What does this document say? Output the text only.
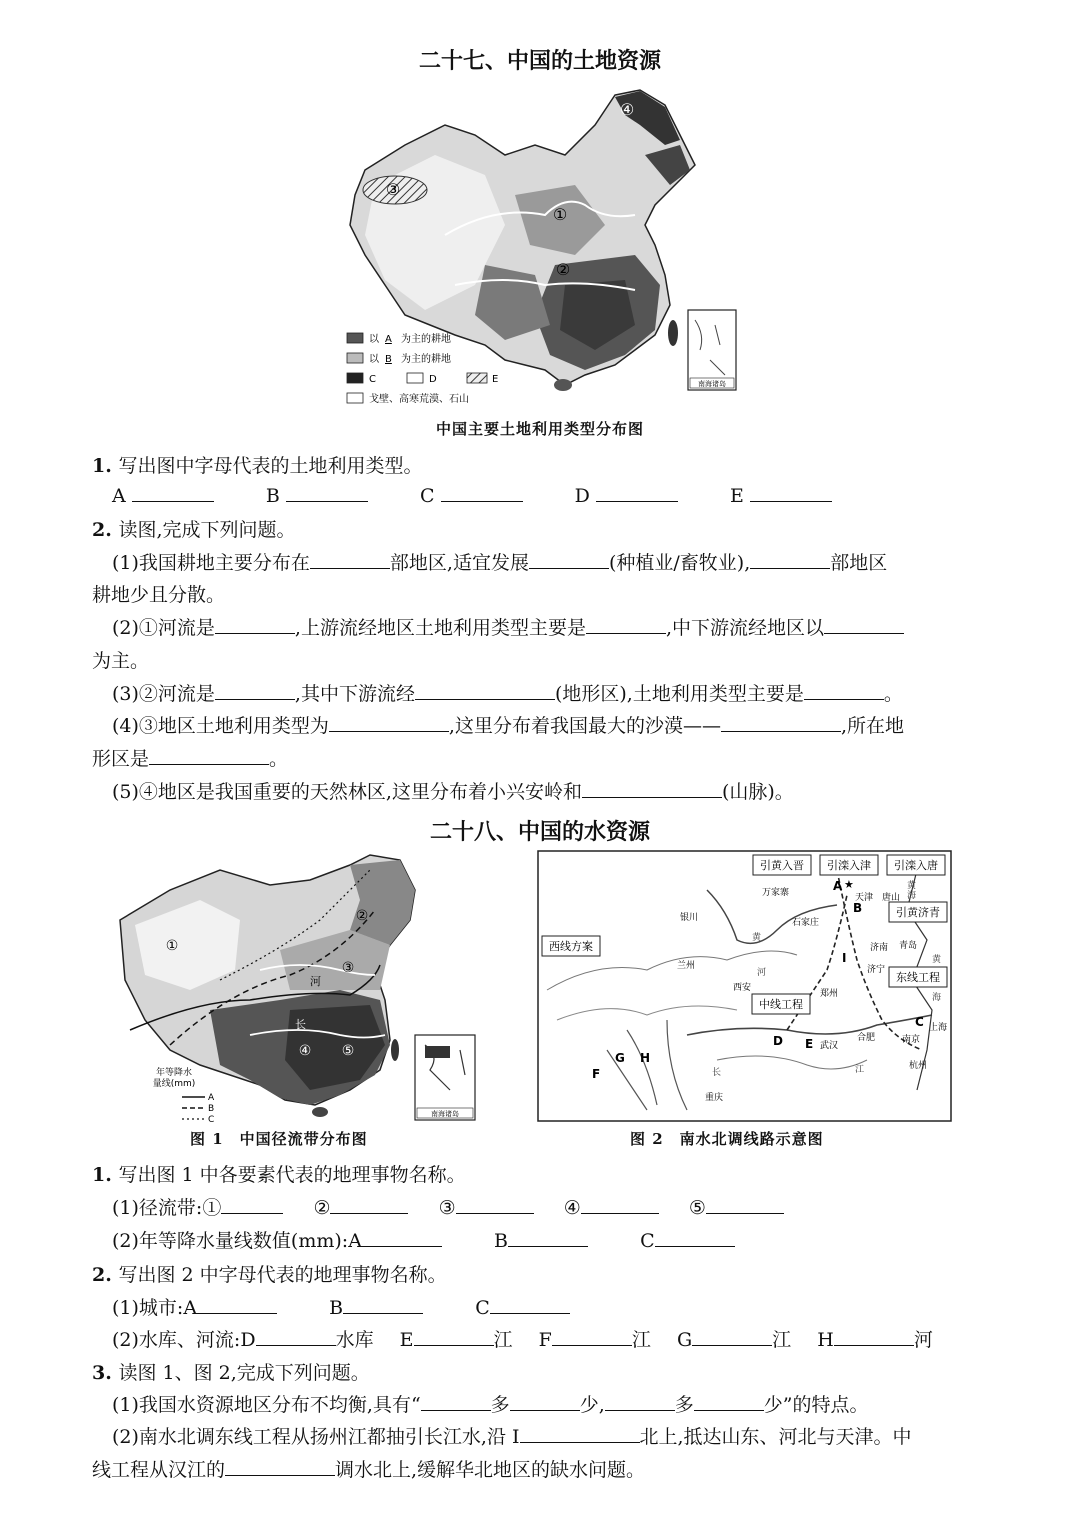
二十七、中国的土地资源
南海诸岛
④
①
②
③
以 A 为主的耕地
以 B 为主的耕地
C	D	E
戈壁、高寒荒漠、石山
中国主要土地利用类型分布图
1. 写出图中字母代表的土地利用类型。
A	B	C	D	E
2. 读图,完成下列问题。
(1)我国耕地主要分布在	部地区,适宜发展	(种植业/畜牧业),	部地区
耕地少且分散。
(2)①河流是	,上游流经地区土地利用类型主要是	,中下游流经地区以
为主。
(3)②河流是	,其中下游流经	(地形区),土地利用类型主要是	。
(4)③地区土地利用类型为	,这里分布着我国最大的沙漠——	,所在地
形区是	。
(5)④地区是我国重要的天然林区,这里分布着小兴安岭和	(山脉)。
二十八、中国的水资源
河
长
①
②
③
④ ⑤
南海诸岛
年等降水
量线(mm)
A
B
C
引黄入晋 引滦入津 引滦入唐
引黄济青
西线方案
东线工程
中线工程
万家寨
银川	石家庄
天津 唐山
济南 青岛
济宁
兰州
西安
郑州
合肥	南京
上海
杭州
武汉
重庆
A
B
C
D E
F
G H
I
黄
河
黄
海
长	江
黄
海
★
图 1　中国径流带分布图	图 2　南水北调线路示意图
1. 写出图 1 中各要素代表的地理事物名称。
(1)径流带:①	②	③	④	⑤
(2)年等降水量线数值(mm):A	B	C
2. 写出图 2 中字母代表的地理事物名称。
(1)城市:A	B	C
(2)水库、河流:D	水库 E	江 F	江 G	江 H	河
3. 读图 1、图 2,完成下列问题。
(1)我国水资源地区分布不均衡,具有“	多	少,	多	少”的特点。
(2)南水北调东线工程从扬州江都抽引长江水,沿 I	北上,抵达山东、河北与天津。中
线工程从汉江的	调水北上,缓解华北地区的缺水问题。
